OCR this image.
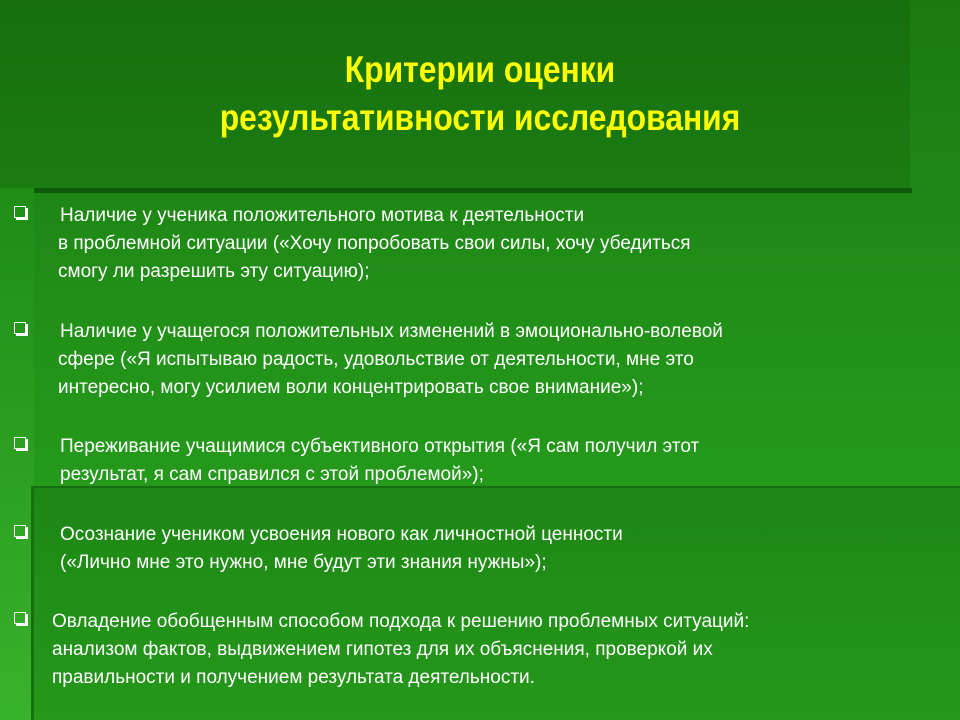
Критерии оценки
результативности исследования
Наличие у ученика положительного мотива к деятельности
в проблемной ситуации («Хочу попробовать свои силы, хочу убедиться
смогу ли разрешить эту ситуацию);
Наличие у учащегося положительных изменений в эмоционально-волевой
сфере («Я испытываю радость, удовольствие от деятельности, мне это
интересно, могу усилием воли концентрировать свое внимание»);
Переживание учащимися субъективного открытия («Я сам получил этот
результат, я сам справился с этой проблемой»);
Осознание учеником усвоения нового как личностной ценности
(«Лично мне это нужно, мне будут эти знания нужны»);
Овладение обобщенным способом подхода к решению проблемных ситуаций:
анализом фактов, выдвижением гипотез для их объяснения, проверкой их
правильности и получением результата деятельности.
